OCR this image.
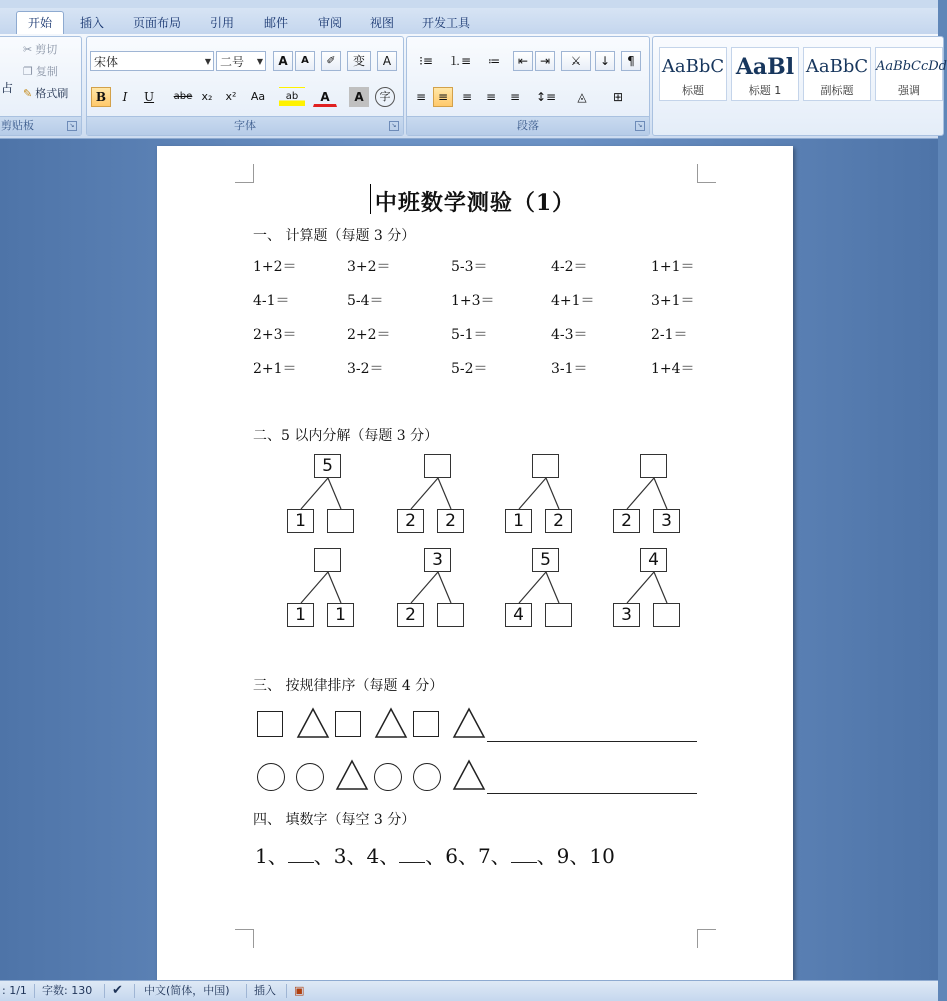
开始	插入	页面布局	引用	邮件	审阅	视图	开发工具
占
✂ 剪切
❐ 复制
✎ 格式刷
剪贴板	↘
宋体	▼ 二号 ▼	A	A	✐	变	A
B	I	U	abe x₂	x²	Aa	ab	A	A	字
字体	↘
⁝≡	⒈≡	≔	⇤ ⇥	⚔	↓	¶
≡ ≡	≡	≡	≡	↕≡	◬	⊞
段落	↘
AaBbC
标题
AaBl
标题 1
AaBbC
副标题
AaBbCcDd
强调
中班数学测验（1）
一、 计算题（每题 3 分）
1+2＝	3+2＝	5-3＝	4-2＝	1+1＝
4-1＝	5-4＝	1+3＝	4+1＝	3+1＝
2+3＝	2+2＝	5-1＝	4-3＝	2-1＝
2+1＝	3-2＝	5-2＝	3-1＝	1+4＝
二、5 以内分解（每题 3 分）
5
1	2	2	1	2	2	3
1	1
3
2
5
4
4
3
三、 按规律排序（每题 4 分）
四、 填数字（每空 3 分）
1、 、3、4、 、6、7、 、9、10
: 1/1 字数: 130 ✔ 中文(简体，中国) 插入 ▣
